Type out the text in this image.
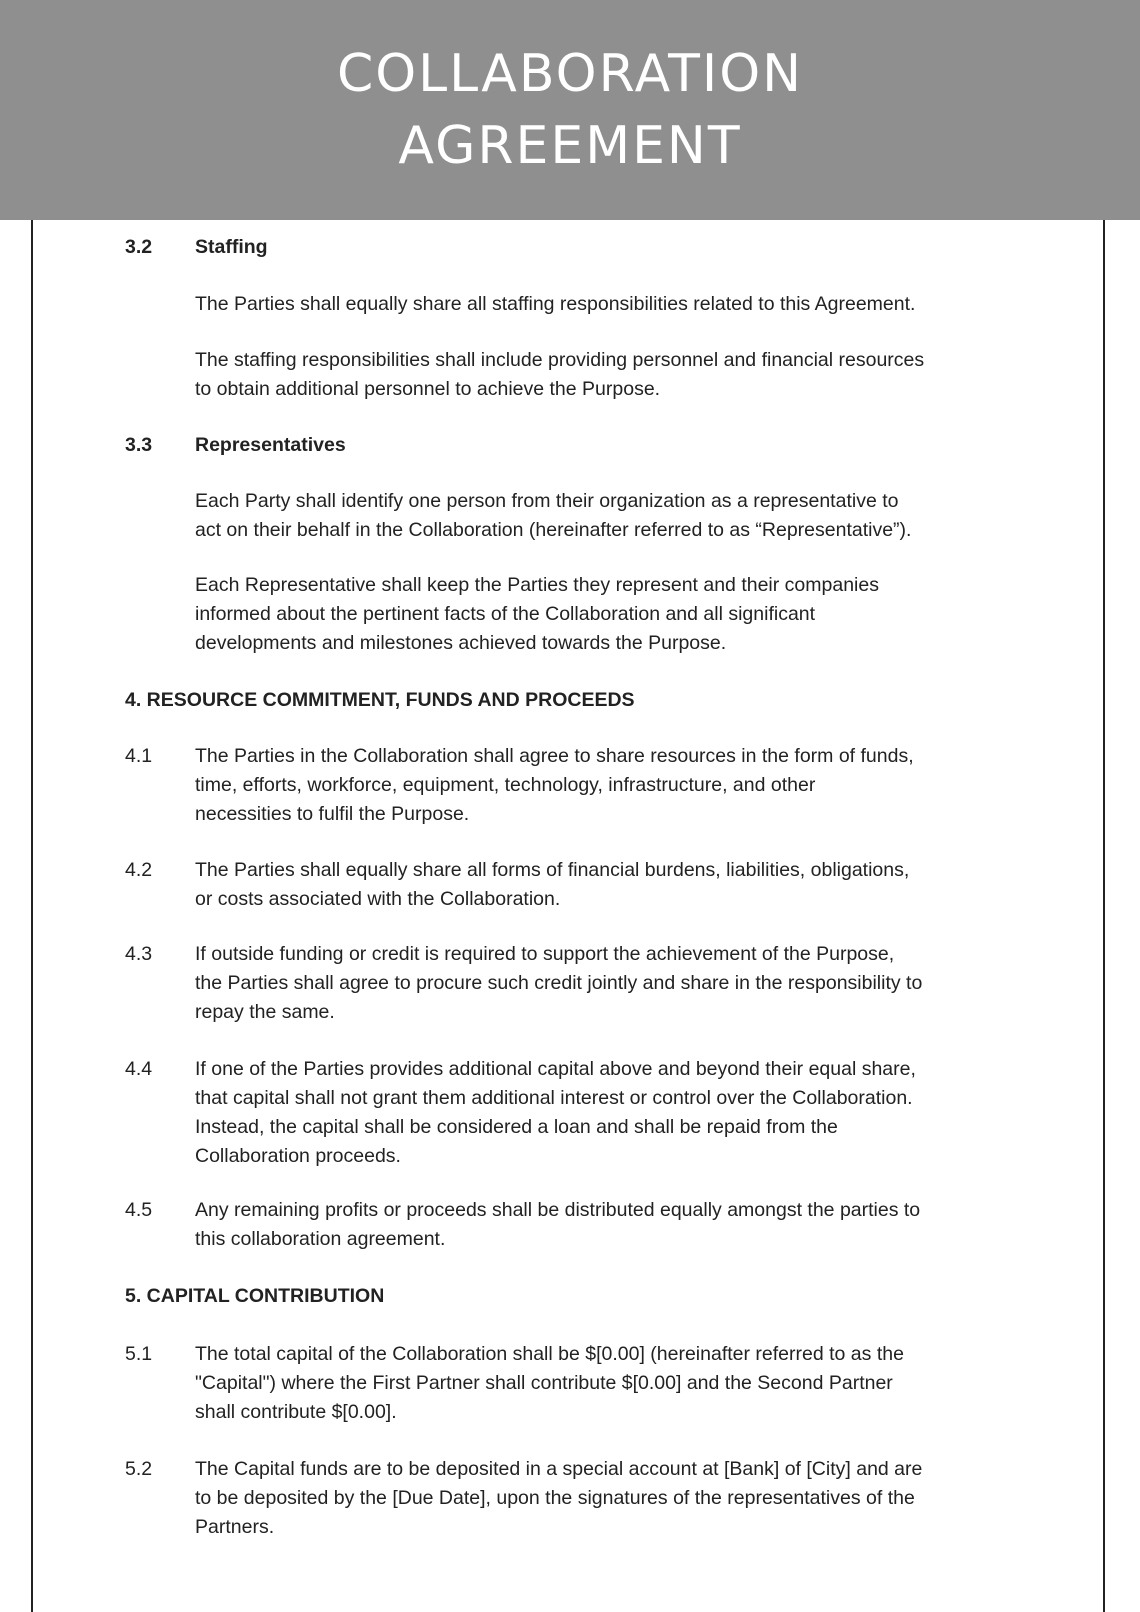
COLLABORATION
AGREEMENT
3.2 Staffing
The Parties shall equally share all staffing responsibilities related to this Agreement.
The staffing responsibilities shall include providing personnel and financial resources
to obtain additional personnel to achieve the Purpose.
3.3 Representatives
Each Party shall identify one person from their organization as a representative to
act on their behalf in the Collaboration (hereinafter referred to as “Representative”).
Each Representative shall keep the Parties they represent and their companies
informed about the pertinent facts of the Collaboration and all significant
developments and milestones achieved towards the Purpose.
4. RESOURCE COMMITMENT, FUNDS AND PROCEEDS
4.1 The Parties in the Collaboration shall agree to share resources in the form of funds,
time, efforts, workforce, equipment, technology, infrastructure, and other
necessities to fulfil the Purpose.
4.2 The Parties shall equally share all forms of financial burdens, liabilities, obligations,
or costs associated with the Collaboration.
4.3 If outside funding or credit is required to support the achievement of the Purpose,
the Parties shall agree to procure such credit jointly and share in the responsibility to
repay the same.
4.4 If one of the Parties provides additional capital above and beyond their equal share,
that capital shall not grant them additional interest or control over the Collaboration.
Instead, the capital shall be considered a loan and shall be repaid from the
Collaboration proceeds.
4.5 Any remaining profits or proceeds shall be distributed equally amongst the parties to
this collaboration agreement.
5. CAPITAL CONTRIBUTION
5.1 The total capital of the Collaboration shall be $[0.00] (hereinafter referred to as the
"Capital") where the First Partner shall contribute $[0.00] and the Second Partner
shall contribute $[0.00].
5.2 The Capital funds are to be deposited in a special account at [Bank] of [City] and are
to be deposited by the [Due Date], upon the signatures of the representatives of the
Partners.
